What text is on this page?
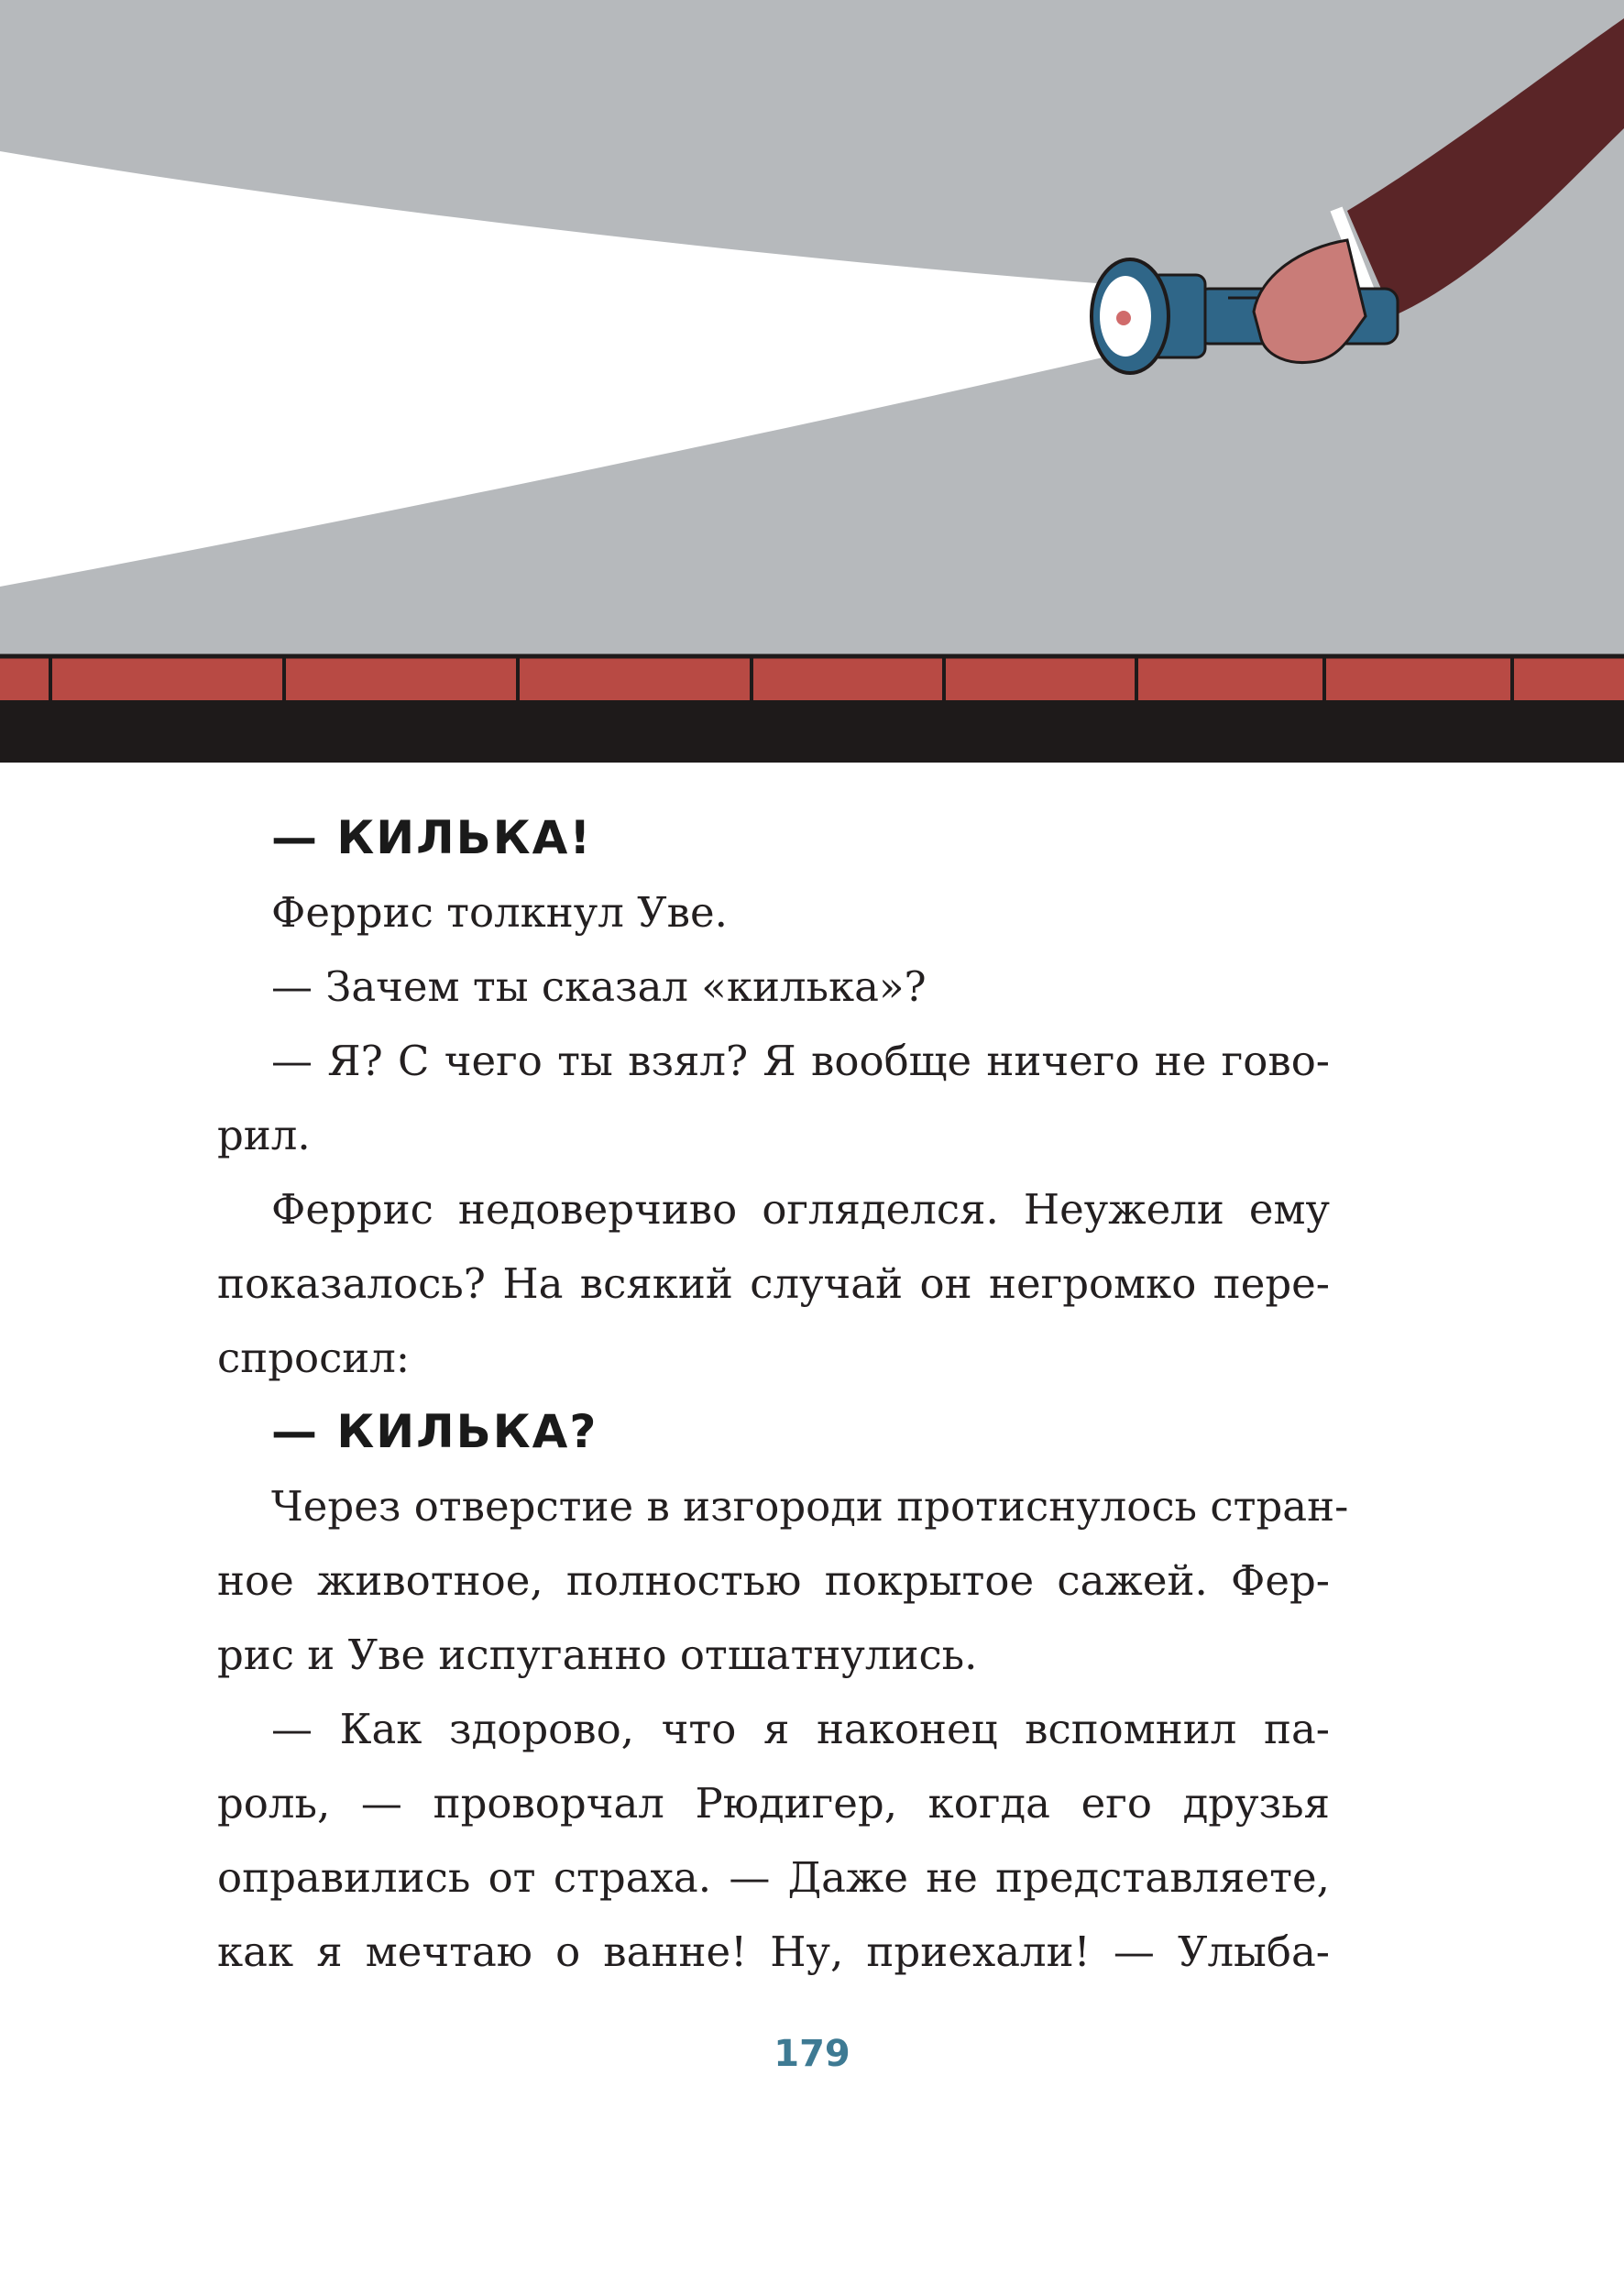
— КИЛЬКА!
Феррис толкнул Уве.
— Зачем ты сказал «килька»?
— Я? С чего ты взял? Я вообще ничего не гово-
рил.
Феррис недоверчиво огляделся. Неужели ему
показалось? На всякий случай он негромко пере-
спросил:
— КИЛЬКА?
Через отверстие в изгороди протиснулось стран-
ное животное, полностью покрытое сажей. Фер-
рис и Уве испуганно отшатнулись.
— Как здорово, что я наконец вспомнил па-
роль, — проворчал Рюдигер, когда его друзья
оправились от страха. — Даже не представляете,
как я мечтаю о ванне! Ну, приехали! — Улыба-
179
